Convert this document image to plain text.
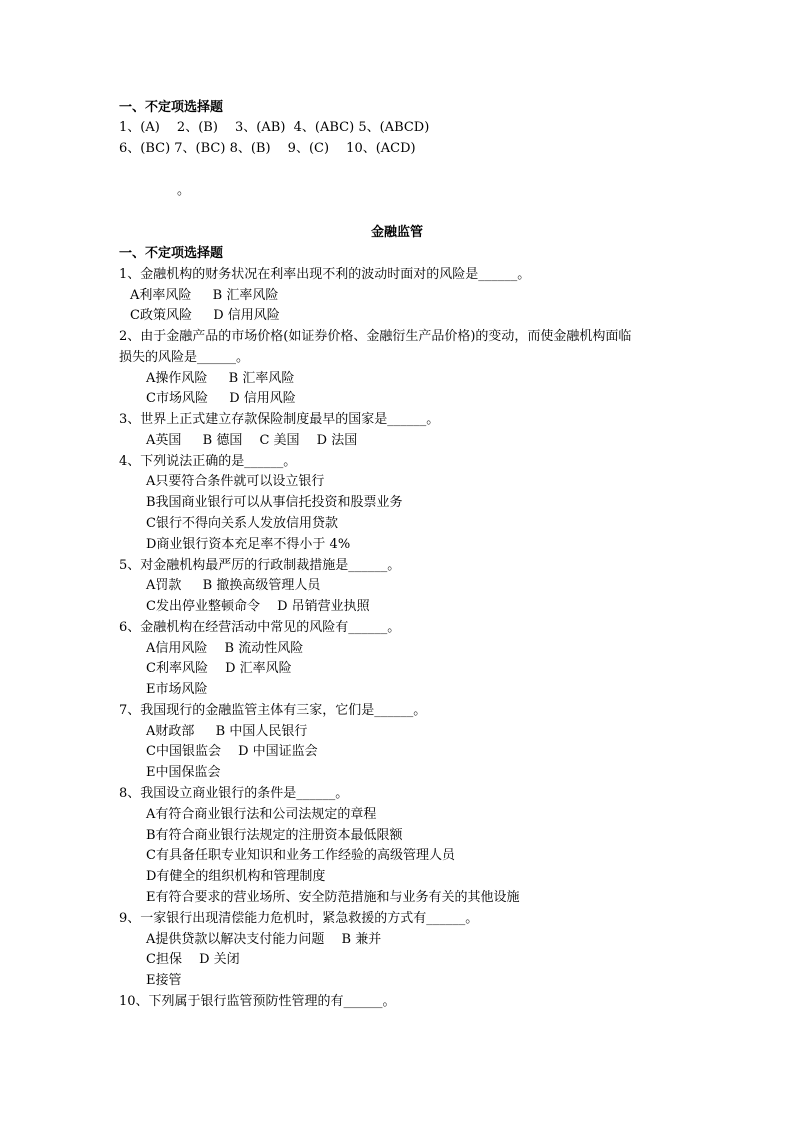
一、不定项选择题
1、(A)　 2、(B)　 3、(AB)  4、(ABC) 5、(ABCD)
6、(BC) 7、(BC) 8、(B)　 9、(C)　 10、(ACD)
。
金融监管
一、不定项选择题
1、金融机构的财务状况在利率出现不利的波动时面对的风险是______。
A利率风险　  B 汇率风险
C政策风险　  D 信用风险
2、由于金融产品的市场价格(如证券价格、金融衍生产品价格)的变动，而使金融机构面临
损失的风险是______。
A操作风险　  B 汇率风险
C市场风险　  D 信用风险
3、世界上正式建立存款保险制度最早的国家是______。
A英国　  B 德国　 C 美国　 D 法国
4、下列说法正确的是______。
A只要符合条件就可以设立银行
B我国商业银行可以从事信托投资和股票业务
C银行不得向关系人发放信用贷款
D商业银行资本充足率不得小于 4%
5、对金融机构最严厉的行政制裁措施是______。
A罚款　  B 撤换高级管理人员
C发出停业整顿命令　 D 吊销营业执照
6、金融机构在经营活动中常见的风险有______。
A信用风险　 B 流动性风险
C利率风险　 D 汇率风险
E市场风险
7、我国现行的金融监管主体有三家，它们是______。
A财政部　  B 中国人民银行
C中国银监会　 D 中国证监会
E中国保监会
8、我国设立商业银行的条件是______。
A有符合商业银行法和公司法规定的章程
B有符合商业银行法规定的注册资本最低限额
C有具备任职专业知识和业务工作经验的高级管理人员
D有健全的组织机构和管理制度
E有符合要求的营业场所、安全防范措施和与业务有关的其他设施
9、一家银行出现清偿能力危机时，紧急救援的方式有______。
A提供贷款以解决支付能力问题　 B 兼并
C担保　 D 关闭
E接管
10、下列属于银行监管预防性管理的有______。
